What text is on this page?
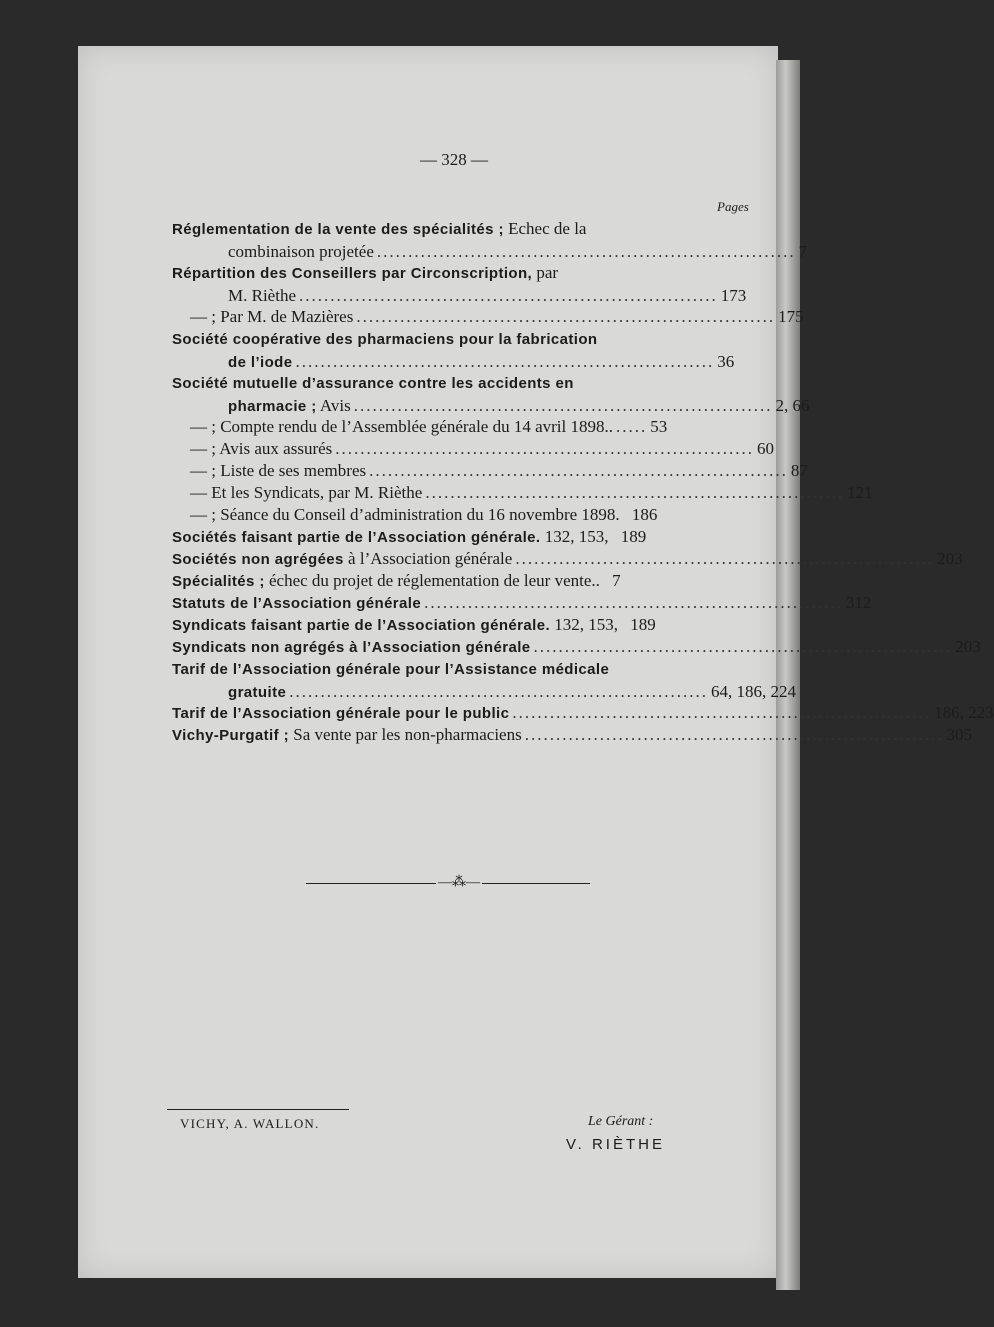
— 328 —
Pages
Réglementation de la vente des spécialités ; Echec de la
combinaison projetée ................................................................... 7
Répartition des Conseillers par Circonscription, par
M. Rièthe ................................................................... 173
— ; Par M. de Mazières ................................................................... 175
Société coopérative des pharmaciens pour la fabrication
de l’iode ................................................................... 36
Société mutuelle d’assurance contre les accidents en
pharmacie ; Avis ................................................................... 2, 66
— ; Compte rendu de l’Assemblée générale du 14 avril 1898.. ..... 53
— ; Avis aux assurés ................................................................... 60
— ; Liste de ses membres ................................................................... 87
— Et les Syndicats, par M. Rièthe ................................................................... 121
— ; Séance du Conseil d’administration du 16 novembre 1898. 186
Sociétés faisant partie de l’Association générale. 132, 153, 189
Sociétés non agrégées à l’Association générale ................................................................... 203
Spécialités ; échec du projet de réglementation de leur vente.. 7
Statuts de l’Association générale ................................................................... 312
Syndicats faisant partie de l’Association générale. 132, 153, 189
Syndicats non agrégés à l’Association générale ................................................................... 203
Tarif de l’Association générale pour l’Assistance médicale
gratuite ................................................................... 64, 186, 224
Tarif de l’Association générale pour le public ................................................................... 186, 223
Vichy-Purgatif ; Sa vente par les non-pharmaciens ................................................................... 305
—⁂—
VICHY, A. WALLON.	Le Gérant :
V. RIÈTHE
